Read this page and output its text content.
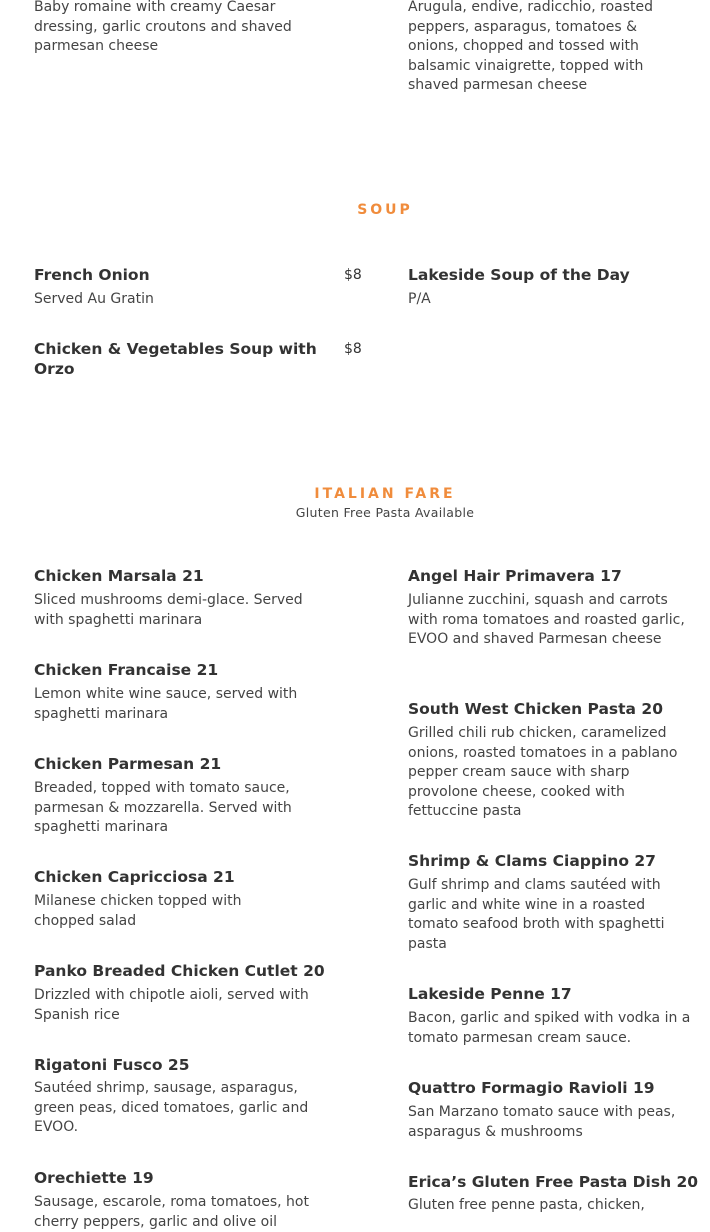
Baby romaine with creamy Caesar dressing, garlic croutons and shaved parmesan cheese
Arugula, endive, radicchio, roasted peppers, asparagus, tomatoes & onions, chopped and tossed with balsamic vinaigrette, topped with shaved parmesan cheese
SOUP
French Onion	$8
Served Au Gratin
Lakeside Soup of the Day
P/A
Chicken & Vegetables Soup with Orzo
$8
ITALIAN FARE
Gluten Free Pasta Available
Chicken Marsala 21
Sliced mushrooms demi-glace. Served with spaghetti marinara
Chicken Francaise 21
Lemon white wine sauce, served with spaghetti marinara
Chicken Parmesan 21
Breaded, topped with tomato sauce, parmesan & mozzarella. Served with spaghetti marinara
Chicken Capricciosa 21
Milanese chicken topped with chopped salad
Panko Breaded Chicken Cutlet 20
Drizzled with chipotle aioli, served with Spanish rice
Rigatoni Fusco 25
Sautéed shrimp, sausage, asparagus, green peas, diced tomatoes, garlic and EVOO.
Orechiette 19
Sausage, escarole, roma tomatoes, hot cherry peppers, garlic and olive oil
Angel Hair Primavera 17
Julianne zucchini, squash and carrots with roma tomatoes and roasted garlic, EVOO and shaved Parmesan cheese
South West Chicken Pasta 20
Grilled chili rub chicken, caramelized onions, roasted tomatoes in a pablano pepper cream sauce with sharp provolone cheese, cooked with fettuccine pasta
Shrimp & Clams Ciappino 27
Gulf shrimp and clams sautéed with garlic and white wine in a roasted tomato seafood broth with spaghetti pasta
Lakeside Penne 17
Bacon, garlic and spiked with vodka in a tomato parmesan cream sauce.
Quattro Formagio Ravioli 19
San Marzano tomato sauce with peas, asparagus & mushrooms
Erica’s Gluten Free Pasta Dish 20
Gluten free penne pasta, chicken,
